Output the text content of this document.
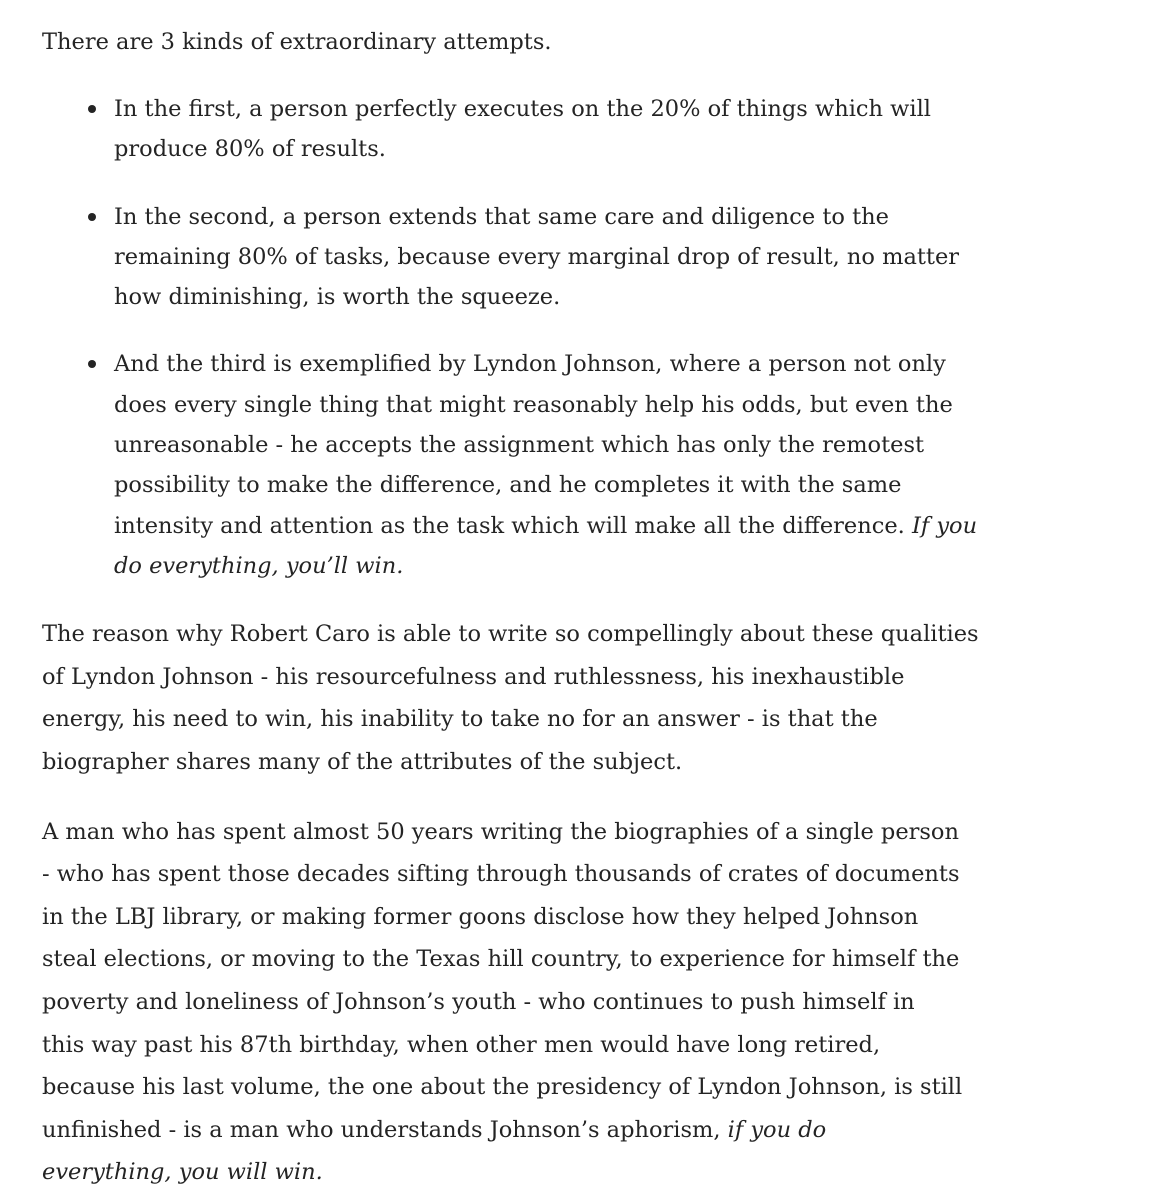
There are 3 kinds of extraordinary attempts.
In the first, a person perfectly executes on the 20% of things which will
produce 80% of results.
In the second, a person extends that same care and diligence to the
remaining 80% of tasks, because every marginal drop of result, no matter
how diminishing, is worth the squeeze.
And the third is exemplified by Lyndon Johnson, where a person not only
does every single thing that might reasonably help his odds, but even the
unreasonable - he accepts the assignment which has only the remotest
possibility to make the difference, and he completes it with the same
intensity and attention as the task which will make all the difference. If you
do everything, you’ll win.
The reason why Robert Caro is able to write so compellingly about these qualities
of Lyndon Johnson - his resourcefulness and ruthlessness, his inexhaustible
energy, his need to win, his inability to take no for an answer - is that the
biographer shares many of the attributes of the subject.
A man who has spent almost 50 years writing the biographies of a single person
- who has spent those decades sifting through thousands of crates of documents
in the LBJ library, or making former goons disclose how they helped Johnson
steal elections, or moving to the Texas hill country, to experience for himself the
poverty and loneliness of Johnson’s youth - who continues to push himself in
this way past his 87th birthday, when other men would have long retired,
because his last volume, the one about the presidency of Lyndon Johnson, is still
unfinished - is a man who understands Johnson’s aphorism, if you do
everything, you will win.
